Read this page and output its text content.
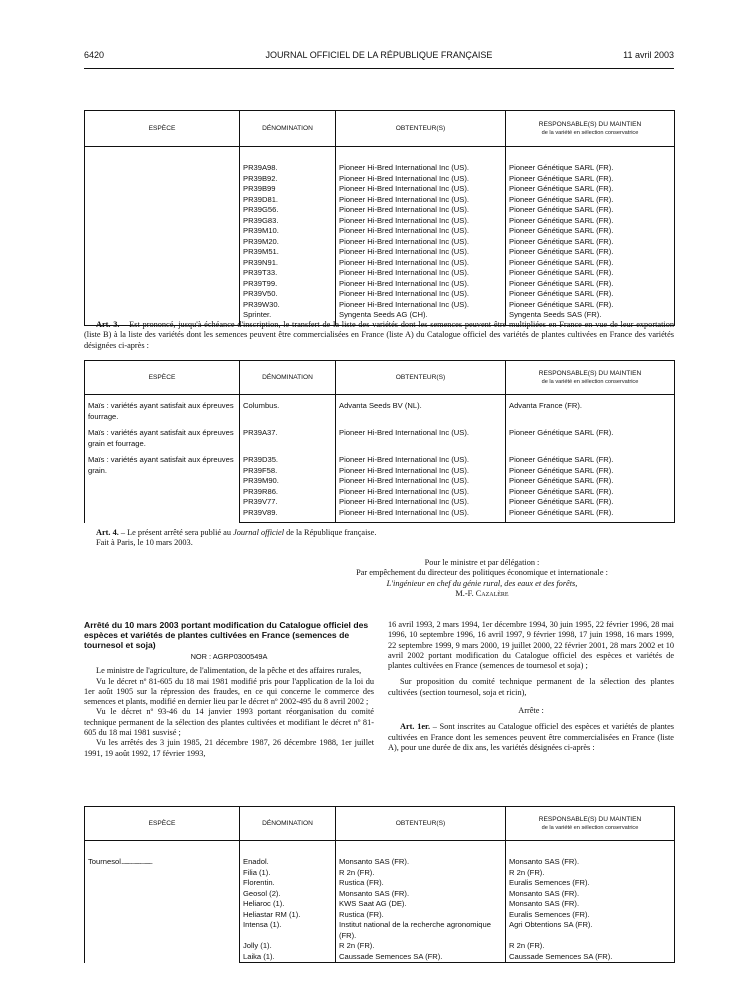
6420	JOURNAL OFFICIEL DE LA RÉPUBLIQUE FRANÇAISE	11 avril 2003
ESPÈCE	DÉNOMINATION	OBTENTEUR(S)	RESPONSABLE(S) DU MAINTIEN
de la variété en sélection conservatrice

	PR39A98.	Pioneer Hi-Bred International Inc (US).	Pioneer Génétique SARL (FR).
	PR39B92.	Pioneer Hi-Bred International Inc (US).	Pioneer Génétique SARL (FR).
	PR39B99	Pioneer Hi-Bred International Inc (US).	Pioneer Génétique SARL (FR).
	PR39D81.	Pioneer Hi-Bred International Inc (US).	Pioneer Génétique SARL (FR).
	PR39G56.	Pioneer Hi-Bred International Inc (US).	Pioneer Génétique SARL (FR).
	PR39G83.	Pioneer Hi-Bred International Inc (US).	Pioneer Génétique SARL (FR).
	PR39M10.	Pioneer Hi-Bred International Inc (US).	Pioneer Génétique SARL (FR).
	PR39M20.	Pioneer Hi-Bred International Inc (US).	Pioneer Génétique SARL (FR).
	PR39M51.	Pioneer Hi-Bred International Inc (US).	Pioneer Génétique SARL (FR).
	PR39N91.	Pioneer Hi-Bred International Inc (US).	Pioneer Génétique SARL (FR).
	PR39T33.	Pioneer Hi-Bred International Inc (US).	Pioneer Génétique SARL (FR).
	PR39T99.	Pioneer Hi-Bred International Inc (US).	Pioneer Génétique SARL (FR).
	PR39V50.	Pioneer Hi-Bred International Inc (US).	Pioneer Génétique SARL (FR).
	PR39W30.	Pioneer Hi-Bred International Inc (US).	Pioneer Génétique SARL (FR).
	Sprinter.	Syngenta Seeds AG (CH).	Syngenta Seeds SAS (FR).

Art. 3. – Est prononcé, jusqu'à échéance d'inscription, le transfert de la liste des variétés dont les semences peuvent être multipliées en France en vue de leur exportation (liste B) à la liste des variétés dont les semences peuvent être commercialisées en France (liste A) du Catalogue officiel des variétés de plantes cultivées en France des variétés désignées ci-après :

ESPÈCE	DÉNOMINATION	OBTENTEUR(S)	RESPONSABLE(S) DU MAINTIEN
de la variété en sélection conservatrice

Maïs : variétés ayant satisfait aux épreuves fourrage.	Columbus.	Advanta Seeds BV (NL).	Advanta France (FR).
Maïs : variétés ayant satisfait aux épreuves grain et fourrage.	PR39A37.	Pioneer Hi-Bred International Inc (US).	Pioneer Génétique SARL (FR).
Maïs : variétés ayant satisfait aux épreuves grain.	PR39D35.	Pioneer Hi-Bred International Inc (US).	Pioneer Génétique SARL (FR).
	PR39F58.	Pioneer Hi-Bred International Inc (US).	Pioneer Génétique SARL (FR).
	PR39M90.	Pioneer Hi-Bred International Inc (US).	Pioneer Génétique SARL (FR).
	PR39R86.	Pioneer Hi-Bred International Inc (US).	Pioneer Génétique SARL (FR).
	PR39V77.	Pioneer Hi-Bred International Inc (US).	Pioneer Génétique SARL (FR).
	PR39V89.	Pioneer Hi-Bred International Inc (US).	Pioneer Génétique SARL (FR).

Art. 4. – Le présent arrêté sera publié au Journal officiel de la République française.

Fait à Paris, le 10 mars 2003.

Pour le ministre et par délégation :
Par empêchement du directeur des politiques économique et internationale :
L'ingénieur en chef du génie rural, des eaux et des forêts,
M.-F. Cazalère
Arrêté du 10 mars 2003 portant modification du Catalogue officiel des espèces et variétés de plantes cultivées en France (semences de tournesol et soja)
NOR : AGRP0300549A

Le ministre de l'agriculture, de l'alimentation, de la pêche et des affaires rurales,

Vu le décret nº 81-605 du 18 mai 1981 modifié pris pour l'application de la loi du 1er août 1905 sur la répression des fraudes, en ce qui concerne le commerce des semences et plants, modifié en dernier lieu par le décret nº 2002-495 du 8 avril 2002 ;

Vu le décret nº 93-46 du 14 janvier 1993 portant réorganisation du comité technique permanent de la sélection des plantes cultivées et modifiant le décret nº 81-605 du 18 mai 1981 susvisé ;

Vu les arrêtés des 3 juin 1985, 21 décembre 1987, 26 décembre 1988, 1er juillet 1991, 19 août 1992, 17 février 1993,

16 avril 1993, 2 mars 1994, 1er décembre 1994, 30 juin 1995, 22 février 1996, 28 mai 1996, 10 septembre 1996, 16 avril 1997, 9 février 1998, 17 juin 1998, 16 mars 1999, 22 septembre 1999, 9 mars 2000, 19 juillet 2000, 22 février 2001, 28 mars 2002 et 10 avril 2002 portant modification du Catalogue officiel des espèces et variétés de plantes cultivées en France (semences de tournesol et soja) ;

Sur proposition du comité technique permanent de la sélection des plantes cultivées (section tournesol, soja et ricin),

Arrête :

Art. 1er. – Sont inscrites au Catalogue officiel des espèces et variétés de plantes cultivées en France dont les semences peuvent être commercialisées en France (liste A), pour une durée de dix ans, les variétés désignées ci-après :

ESPÈCE	DÉNOMINATION	OBTENTEUR(S)	RESPONSABLE(S) DU MAINTIEN
de la variété en sélection conservatrice

Tournesol............................	Enadol.	Monsanto SAS (FR).	Monsanto SAS (FR).
	Filia (1).	R 2n (FR).	R 2n (FR).
	Florentin.	Rustica (FR).	Euralis Semences (FR).
	Geosol (2).	Monsanto SAS (FR).	Monsanto SAS (FR).
	Heliaroc (1).	KWS Saat AG (DE).	Monsanto SAS (FR).
	Heliastar RM (1).	Rustica (FR).	Euralis Semences (FR).
	Intensa (1).	Institut national de la recherche agronomique (FR).	Agri Obtentions SA (FR).
	Jolly (1).	R 2n (FR).	R 2n (FR).
	Laika (1).	Caussade Semences SA (FR).	Caussade Semences SA (FR).
